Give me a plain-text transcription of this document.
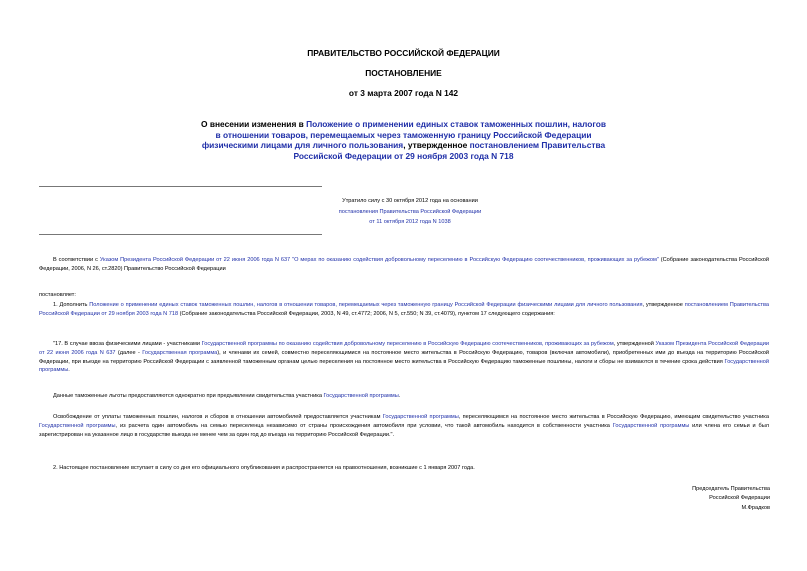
ПРАВИТЕЛЬСТВО РОССИЙСКОЙ ФЕДЕРАЦИИ
ПОСТАНОВЛЕНИЕ
от 3 марта 2007 года N 142
О внесении изменения в Положение о применении единых ставок таможенных пошлин, налогов в отношении товаров, перемещаемых через таможенную границу Российской Федерации физическими лицами для личного пользования, утвержденное постановлением Правительства Российской Федерации от 29 ноября 2003 года N 718
Утратило силу с 30 октября 2012 года на основании
постановления Правительства Российской Федерации от 11 октября 2012 года N 1038
В соответствии с Указом Президента Российской Федерации от 22 июня 2006 года N 637 "О мерах по оказанию содействия добровольному переселению в Российскую Федерацию соотечественников, проживающих за рубежом" (Собрание законодательства Российской Федерации, 2006, N 26, ст.2820) Правительство Российской Федерации
постановляет:
1. Дополнить Положение о применении единых ставок таможенных пошлин, налогов в отношении товаров, перемещаемых через таможенную границу Российской Федерации физическими лицами для личного пользования, утвержденное постановлением Правительства Российской Федерации от 29 ноября 2003 года N 718 (Собрание законодательства Российской Федерации, 2003, N 49, ст.4772; 2006, N 5, ст.550; N 39, ст.4079), пунктом 17 следующего содержания:
"17. В случае ввоза физическими лицами - участниками Государственной программы по оказанию содействия добровольному переселению в Российскую Федерацию соотечественников, проживающих за рубежом, утвержденной Указом Президента Российской Федерации от 22 июня 2006 года N 637 (далее - Государственная программа), и членами их семей, совместно переселяющимися на постоянное место жительства в Российскую Федерацию, товаров (включая автомобили), приобретенных ими до въезда на территорию Российской Федерации, при въезде на территорию Российской Федерации с заявленной таможенным органам целью переселения на постоянное место жительства в Российскую Федерацию таможенные пошлины, налоги и сборы не взимаются в течение срока действия Государственной программы.
Данные таможенные льготы предоставляются однократно при предъявлении свидетельства участника Государственной программы.
Освобождение от уплаты таможенных пошлин, налогов и сборов в отношении автомобилей предоставляется участникам Государственной программы, переселяющимся на постоянное место жительства в Российскую Федерацию, имеющим свидетельство участника Государственной программы, из расчета один автомобиль на семью переселенца независимо от страны происхождения автомобиля при условии, что такой автомобиль находится в собственности участника Государственной программы или члена его семьи и был зарегистрирован на указанное лицо в государстве выезда не менее чем за один год до въезда на территорию Российской Федерации.".
2. Настоящее постановление вступает в силу со дня его официального опубликования и распространяется на правоотношения, возникшие с 1 января 2007 года.
Председатель Правительства
Российской Федерации
М.Фрадков
